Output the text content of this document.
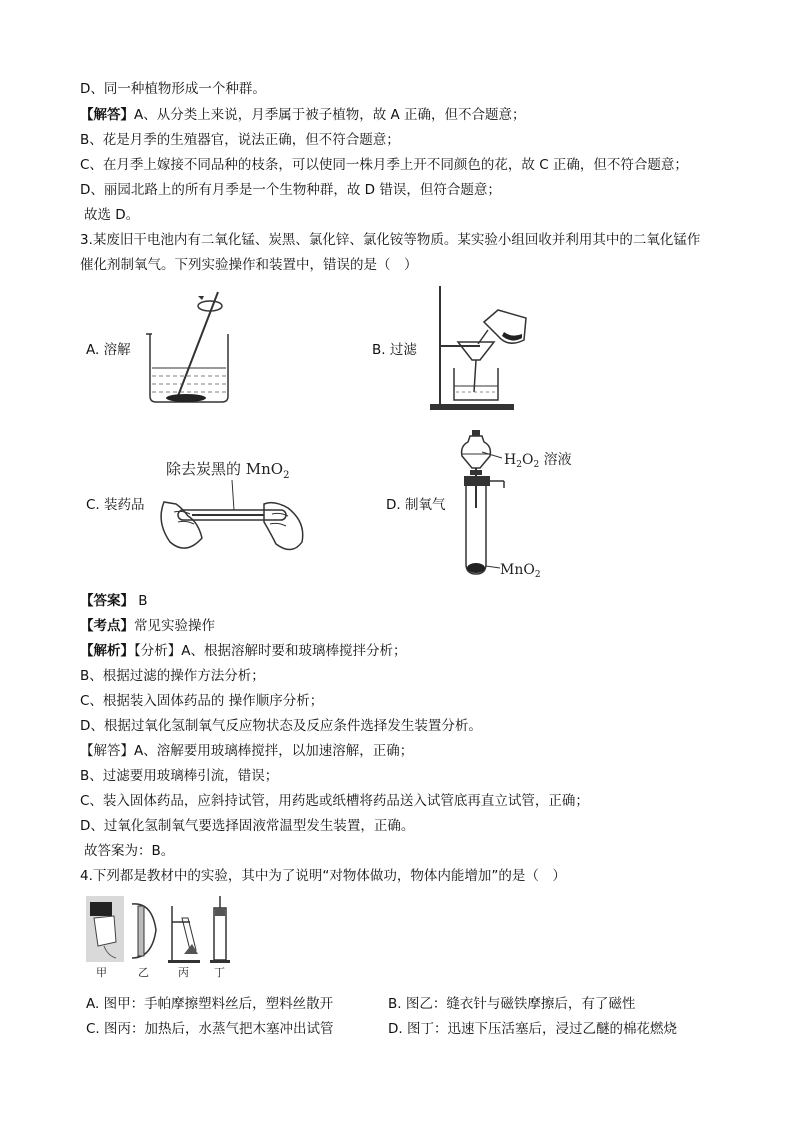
D、同一种植物形成一个种群。
【解答】A、从分类上来说，月季属于被子植物，故 A 正确，但不合题意；
B、花是月季的生殖器官，说法正确，但不符合题意；
C、在月季上嫁接不同品种的枝条，可以使同一株月季上开不同颜色的花，故 C 正确，但不符合题意；
D、丽园北路上的所有月季是一个生物种群，故 D 错误，但符合题意；
故选 D。
3.某废旧干电池内有二氧化锰、炭黑、氯化锌、氯化铵等物质。某实验小组回收并利用其中的二氧化锰作
催化剂制氧气。下列实验操作和装置中，错误的是（　）
A. 溶解	B. 过滤
C. 装药品
除去炭黑的 MnO$_2$
D. 制氧气
$H_2O_2$ 溶液
MnO$_2$
【答案】 B
【考点】常见实验操作
【解析】【分析】A、根据溶解时要和玻璃棒搅拌分析；
B、根据过滤的操作方法分析；
C、根据装入固体药品的 操作顺序分析；
D、根据过氧化氢制氧气反应物状态及反应条件选择发生装置分析。
【解答】A、溶解要用玻璃棒搅拌，以加速溶解，正确；
B、过滤要用玻璃棒引流，错误；
C、装入固体药品，应斜持试管，用药匙或纸槽将药品送入试管底再直立试管，正确；
D、过氧化氢制氧气要选择固液常温型发生装置，正确。
故答案为：B。
4.下列都是教材中的实验，其中为了说明“对物体做功，物体内能增加”的是（　）
甲	乙	丙 丁
A. 图甲：手帕摩擦塑料丝后，塑料丝散开	B. 图乙：缝衣针与磁铁摩擦后，有了磁性
C. 图丙：加热后，水蒸气把木塞冲出试管	D. 图丁：迅速下压活塞后，浸过乙醚的棉花燃烧
